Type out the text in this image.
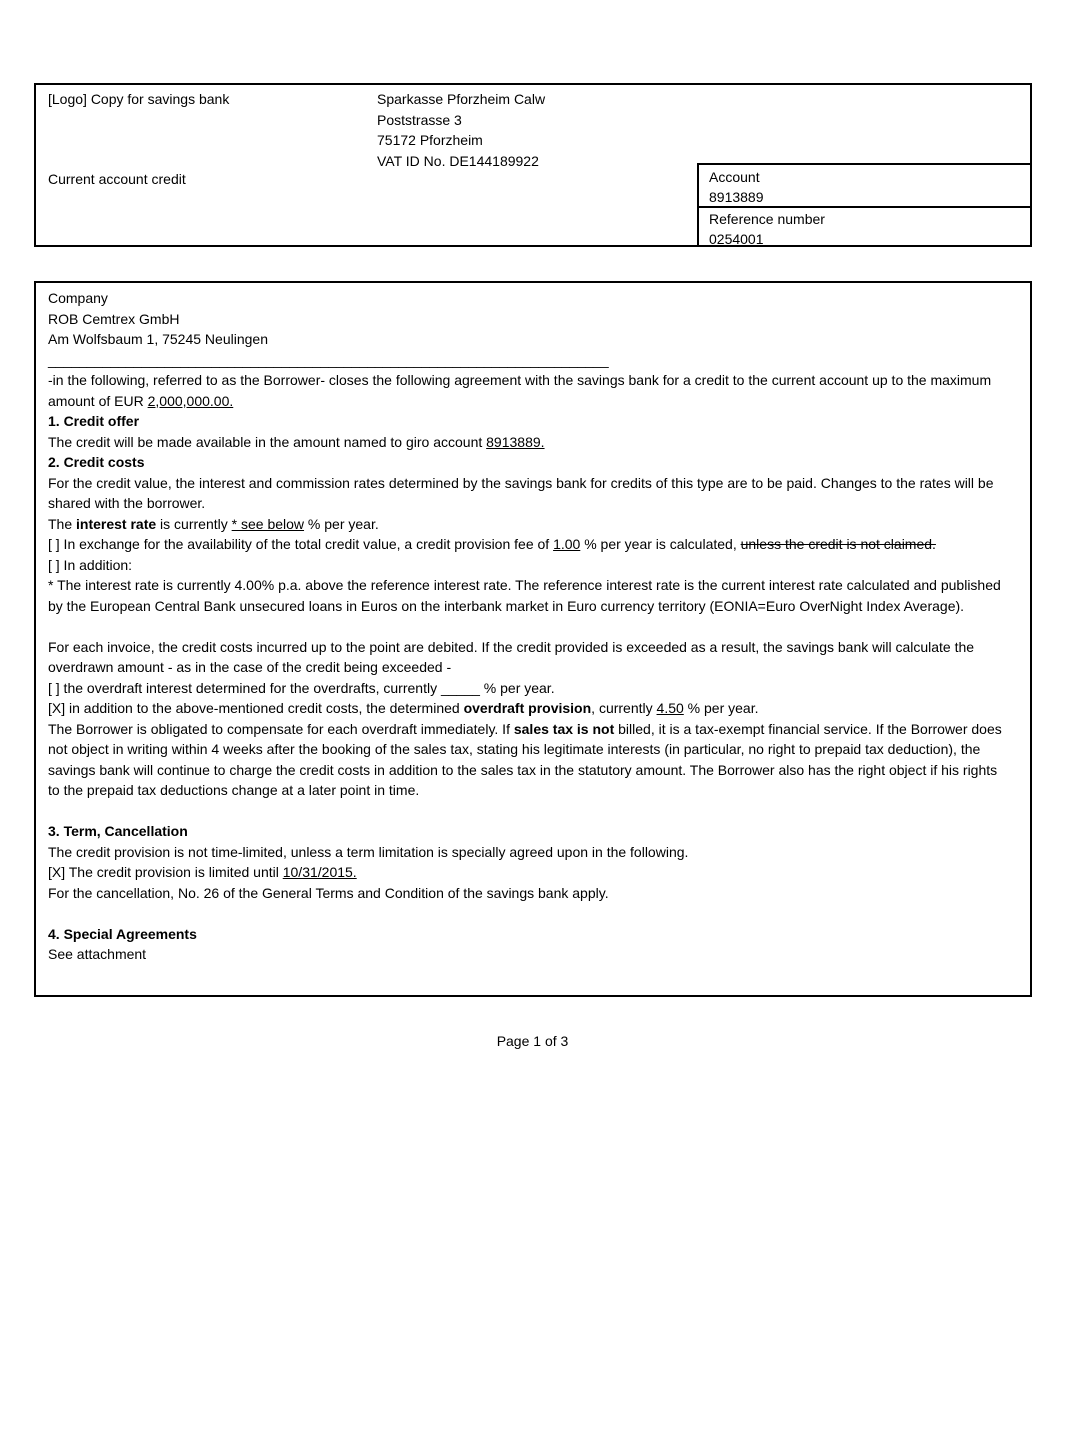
[Logo] Copy for savings bank	Sparkasse Pforzheim Calw
Poststrasse 3
75172 Pforzheim
VAT ID No. DE144189922
Current account credit	Account
8913889
Reference number
0254001
Company
ROB Cemtrex GmbH
Am Wolfsbaum 1, 75245 Neulingen
________________________________________________________________________
-in the following, referred to as the Borrower- closes the following agreement with the savings bank for a credit to the current account up to the maximum amount of EUR 2,000,000.00.
1. Credit offer
The credit will be made available in the amount named to giro account 8913889.
2. Credit costs
For the credit value, the interest and commission rates determined by the savings bank for credits of this type are to be paid. Changes to the rates will be shared with the borrower.
The interest rate is currently * see below % per year.
[ ] In exchange for the availability of the total credit value, a credit provision fee of 1.00 % per year is calculated, unless the credit is not claimed.
[ ] In addition:
* The interest rate is currently 4.00% p.a. above the reference interest rate. The reference interest rate is the current interest rate calculated and published by the European Central Bank unsecured loans in Euros on the interbank market in Euro currency territory (EONIA=Euro OverNight Index Average).
For each invoice, the credit costs incurred up to the point are debited. If the credit provided is exceeded as a result, the savings bank will calculate the overdrawn amount - as in the case of the credit being exceeded -
[ ] the overdraft interest determined for the overdrafts, currently _____ % per year.
[X] in addition to the above-mentioned credit costs, the determined overdraft provision, currently 4.50 % per year.
The Borrower is obligated to compensate for each overdraft immediately. If sales tax is not billed, it is a tax-exempt financial service. If the Borrower does not object in writing within 4 weeks after the booking of the sales tax, stating his legitimate interests (in particular, no right to prepaid tax deduction), the savings bank will continue to charge the credit costs in addition to the sales tax in the statutory amount. The Borrower also has the right object if his rights to the prepaid tax deductions change at a later point in time.
3. Term, Cancellation
The credit provision is not time-limited, unless a term limitation is specially agreed upon in the following.
[X] The credit provision is limited until 10/31/2015.
For the cancellation, No. 26 of the General Terms and Condition of the savings bank apply.
4. Special Agreements
See attachment
Page 1 of 3
